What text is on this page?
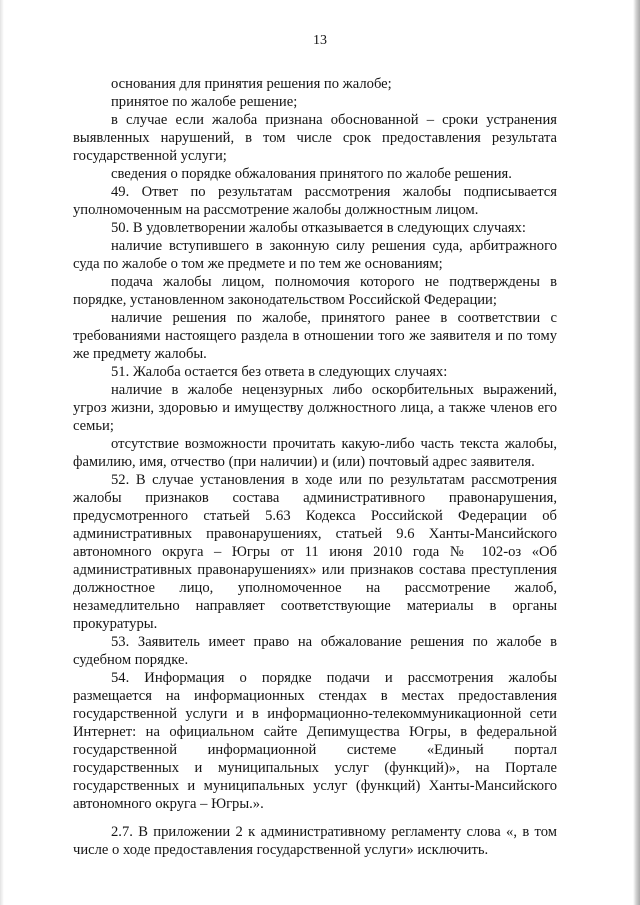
13

основания для принятия решения по жалобе;

принятое по жалобе решение;

в случае если жалоба признана обоснованной – сроки устранения выявленных нарушений, в том числе срок предоставления результата государственной услуги;

сведения о порядке обжалования принятого по жалобе решения.

49. Ответ по результатам рассмотрения жалобы подписывается уполномоченным на рассмотрение жалобы должностным лицом.

50. В удовлетворении жалобы отказывается в следующих случаях:

наличие вступившего в законную силу решения суда, арбитражного суда по жалобе о том же предмете и по тем же основаниям;

подача жалобы лицом, полномочия которого не подтверждены в порядке, установленном законодательством Российской Федерации;

наличие решения по жалобе, принятого ранее в соответствии с требованиями настоящего раздела в отношении того же заявителя и по тому же предмету жалобы.

51. Жалоба остается без ответа в следующих случаях:

наличие в жалобе нецензурных либо оскорбительных выражений, угроз жизни, здоровью и имуществу должностного лица, а также членов его семьи;

отсутствие возможности прочитать какую-либо часть текста жалобы, фамилию, имя, отчество (при наличии) и (или) почтовый адрес заявителя.

52. В случае установления в ходе или по результатам рассмотрения жалобы признаков состава административного правонарушения, предусмотренного статьей 5.63 Кодекса Российской Федерации об административных правонарушениях, статьей 9.6 Ханты-Мансийского автономного округа – Югры от 11 июня 2010 года № 102-оз «Об административных правонарушениях» или признаков состава преступления должностное лицо, уполномоченное на рассмотрение жалоб, незамедлительно направляет соответствующие материалы в органы прокуратуры.

53. Заявитель имеет право на обжалование решения по жалобе в судебном порядке.

54. Информация о порядке подачи и рассмотрения жалобы размещается на информационных стендах в местах предоставления государственной услуги и в информационно-телекоммуникационной сети Интернет: на официальном сайте Депимущества Югры, в федеральной государственной информационной системе «Единый портал государственных и муниципальных услуг (функций)», на Портале государственных и муниципальных услуг (функций) Ханты-Мансийского автономного округа – Югры.».

2.7. В приложении 2 к административному регламенту слова «, в том числе о ходе предоставления государственной услуги» исключить.
